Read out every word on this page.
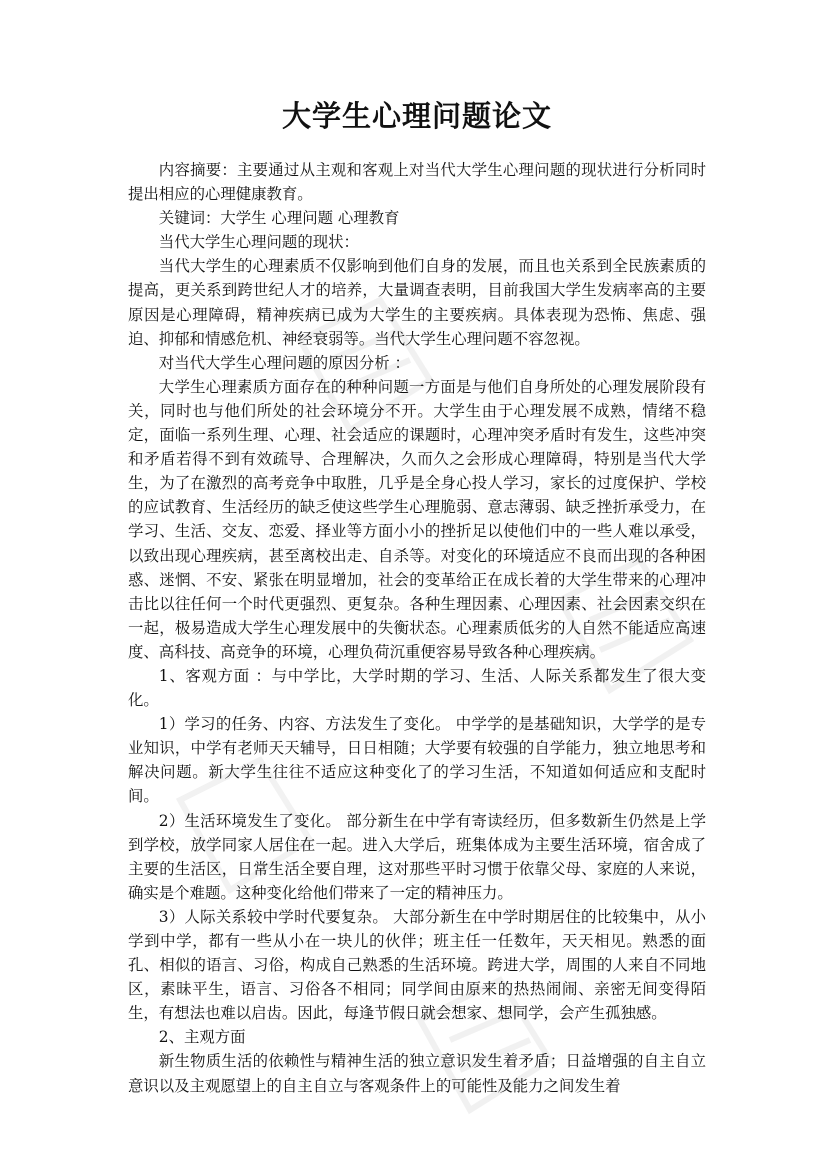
大学生心理问题论文

内容摘要：主要通过从主观和客观上对当代大学生心理问题的现状进行分析同时提出相应的心理健康教育。

关键词：大学生 心理问题 心理教育

当代大学生心理问题的现状：

当代大学生的心理素质不仅影响到他们自身的发展，而且也关系到全民族素质的提高，更关系到跨世纪人才的培养，大量调查表明，目前我国大学生发病率高的主要原因是心理障碍，精神疾病已成为大学生的主要疾病。具体表现为恐怖、焦虑、强迫、抑郁和情感危机、神经衰弱等。当代大学生心理问题不容忽视。

对当代大学生心理问题的原因分析 ：

大学生心理素质方面存在的种种问题一方面是与他们自身所处的心理发展阶段有关，同时也与他们所处的社会环境分不开。大学生由于心理发展不成熟，情绪不稳定，面临一系列生理、心理、社会适应的课题时，心理冲突矛盾时有发生，这些冲突和矛盾若得不到有效疏导、合理解决，久而久之会形成心理障碍，特别是当代大学生，为了在激烈的高考竞争中取胜，几乎是全身心投人学习，家长的过度保护、学校的应试教育、生活经历的缺乏使这些学生心理脆弱、意志薄弱、缺乏挫折承受力，在学习、生活、交友、恋爱、择业等方面小小的挫折足以使他们中的一些人难以承受，以致出现心理疾病，甚至离校出走、自杀等。对变化的环境适应不良而出现的各种困惑、迷惘、不安、紧张在明显增加，社会的变革给正在成长着的大学生带来的心理冲击比以往任何一个时代更强烈、更复杂。各种生理因素、心理因素、社会因素交织在一起，极易造成大学生心理发展中的失衡状态。心理素质低劣的人自然不能适应高速度、高科技、高竞争的环境，心理负荷沉重便容易导致各种心理疾病。

1、客观方面 ：与中学比，大学时期的学习、生活、人际关系都发生了很大变化。

1）学习的任务、内容、方法发生了变化。 中学学的是基础知识，大学学的是专业知识，中学有老师天天辅导，日日相随；大学要有较强的自学能力，独立地思考和解决问题。新大学生往往不适应这种变化了的学习生活，不知道如何适应和支配时间。

2）生活环境发生了变化。 部分新生在中学有寄读经历，但多数新生仍然是上学到学校，放学同家人居住在一起。进入大学后，班集体成为主要生活环境，宿舍成了主要的生活区，日常生活全要自理，这对那些平时习惯于依靠父母、家庭的人来说，确实是个难题。这种变化给他们带来了一定的精神压力。

3）人际关系较中学时代要复杂。 大部分新生在中学时期居住的比较集中，从小学到中学，都有一些从小在一块儿的伙伴；班主任一任数年，天天相见。熟悉的面孔、相似的语言、习俗，构成自己熟悉的生活环境。跨进大学，周围的人来自不同地区，素昧平生，语言、习俗各不相同；同学间由原来的热热闹闹、亲密无间变得陌生，有想法也难以启齿。因此，每逢节假日就会想家、想同学，会产生孤独感。

2、主观方面

新生物质生活的依赖性与精神生活的独立意识发生着矛盾；日益增强的自主自立意识以及主观愿望上的自主自立与客观条件上的可能性及能力之间发生着
